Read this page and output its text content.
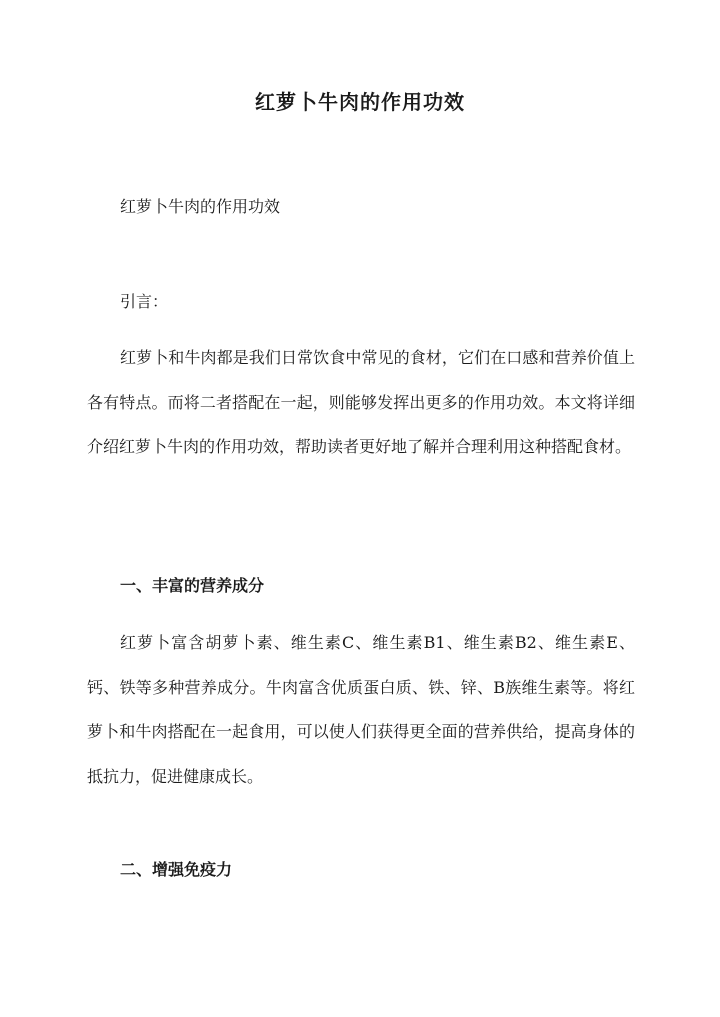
红萝卜牛肉的作用功效

红萝卜牛肉的作用功效

引言：

红萝卜和牛肉都是我们日常饮食中常见的食材，它们在口感和营养价值上各有特点。而将二者搭配在一起，则能够发挥出更多的作用功效。本文将详细介绍红萝卜牛肉的作用功效，帮助读者更好地了解并合理利用这种搭配食材。

一、丰富的营养成分

红萝卜富含胡萝卜素、维生素C、维生素B1、维生素B2、维生素E、钙、铁等多种营养成分。牛肉富含优质蛋白质、铁、锌、B族维生素等。将红萝卜和牛肉搭配在一起食用，可以使人们获得更全面的营养供给，提高身体的抵抗力，促进健康成长。

二、增强免疫力
